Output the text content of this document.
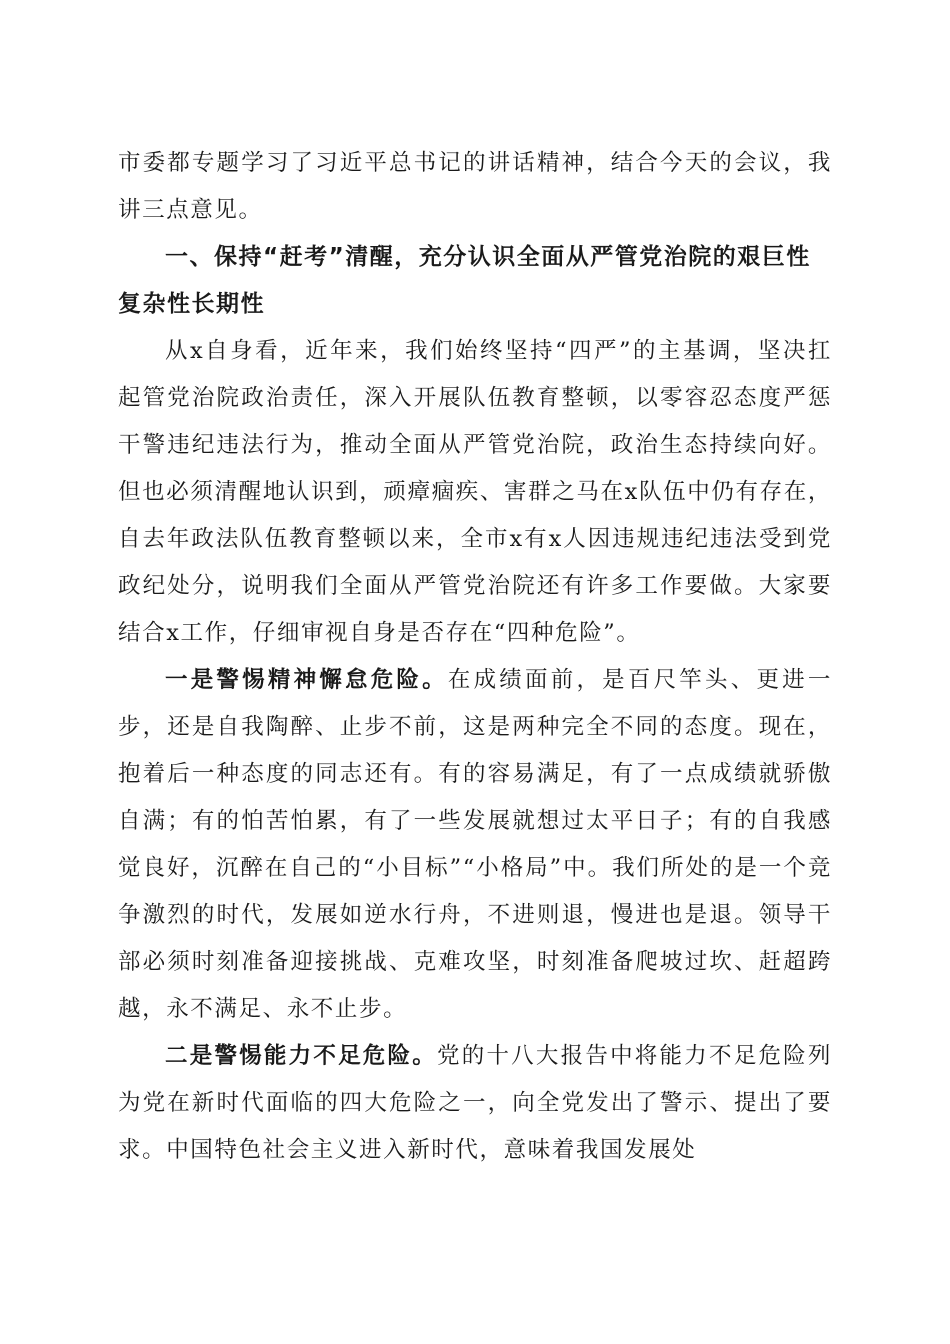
市委都专题学习了习近平总书记的讲话精神，结合今天的会议，我讲三点意见。

一、保持“赶考”清醒，充分认识全面从严管党治院的艰巨性复杂性长期性

从x自身看，近年来，我们始终坚持“四严”的主基调，坚决扛起管党治院政治责任，深入开展队伍教育整顿，以零容忍态度严惩干警违纪违法行为，推动全面从严管党治院，政治生态持续向好。但也必须清醒地认识到，顽瘴痼疾、害群之马在x队伍中仍有存在，自去年政法队伍教育整顿以来，全市x有x人因违规违纪违法受到党政纪处分，说明我们全面从严管党治院还有许多工作要做。大家要结合x工作，仔细审视自身是否存在“四种危险”。

一是警惕精神懈怠危险。在成绩面前，是百尺竿头、更进一步，还是自我陶醉、止步不前，这是两种完全不同的态度。现在，抱着后一种态度的同志还有。有的容易满足，有了一点成绩就骄傲自满；有的怕苦怕累，有了一些发展就想过太平日子；有的自我感觉良好，沉醉在自己的“小目标”“小格局”中。我们所处的是一个竞争激烈的时代，发展如逆水行舟，不进则退，慢进也是退。领导干部必须时刻准备迎接挑战、克难攻坚，时刻准备爬坡过坎、赶超跨越，永不满足、永不止步。

二是警惕能力不足危险。党的十八大报告中将能力不足危险列为党在新时代面临的四大危险之一，向全党发出了警示、提出了要求。中国特色社会主义进入新时代，意味着我国发展处
